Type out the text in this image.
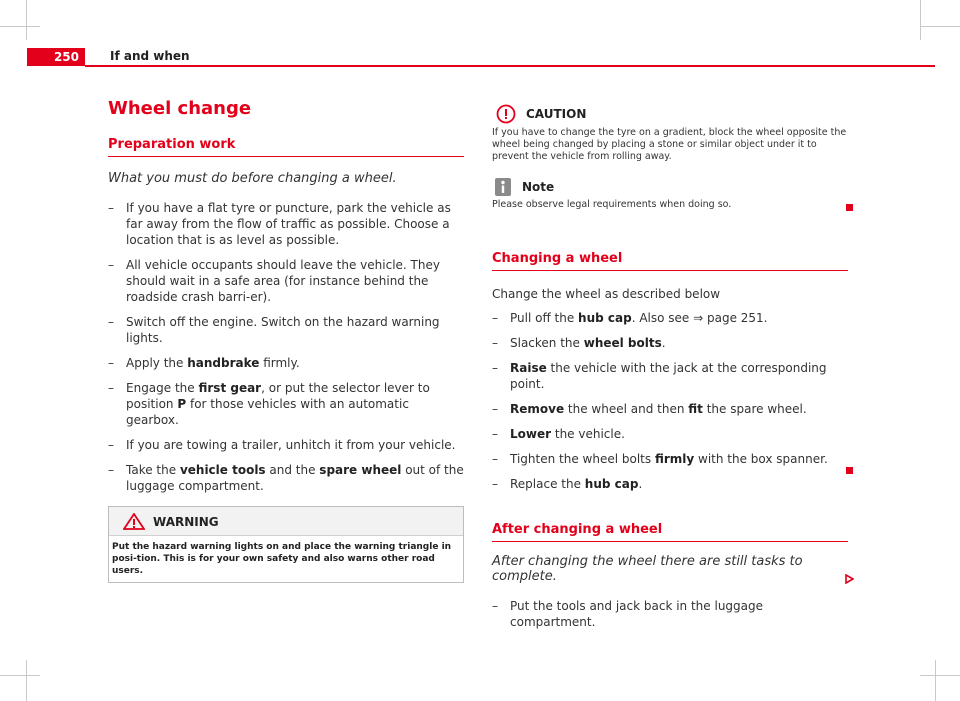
250	If and when
Wheel change
Preparation work
What you must do before changing a wheel.
– If you have a flat tyre or puncture, park the vehicle as far away from the flow of traffic as possible. Choose a location that is as level as possible.
– All vehicle occupants should leave the vehicle. They should wait in a safe area (for instance behind the roadside crash barri-er).
– Switch off the engine. Switch on the hazard warning lights.
– Apply the handbrake firmly.
– Engage the first gear, or put the selector lever to position P for those vehicles with an automatic gearbox.
– If you are towing a trailer, unhitch it from your vehicle.
– Take the vehicle tools and the spare wheel out of the luggage compartment.
WARNING
Put the hazard warning lights on and place the warning triangle in posi-tion. This is for your own safety and also warns other road users.
CAUTION
If you have to change the tyre on a gradient, block the wheel opposite the wheel being changed by placing a stone or similar object under it to prevent the vehicle from rolling away.
Note
Please observe legal requirements when doing so.
Changing a wheel
Change the wheel as described below
– Pull off the hub cap. Also see ⇒ page 251.
– Slacken the wheel bolts.
– Raise the vehicle with the jack at the corresponding point.
– Remove the wheel and then fit the spare wheel.
– Lower the vehicle.
– Tighten the wheel bolts firmly with the box spanner.
– Replace the hub cap.
After changing a wheel
After changing the wheel there are still tasks to complete.
– Put the tools and jack back in the luggage compartment.
